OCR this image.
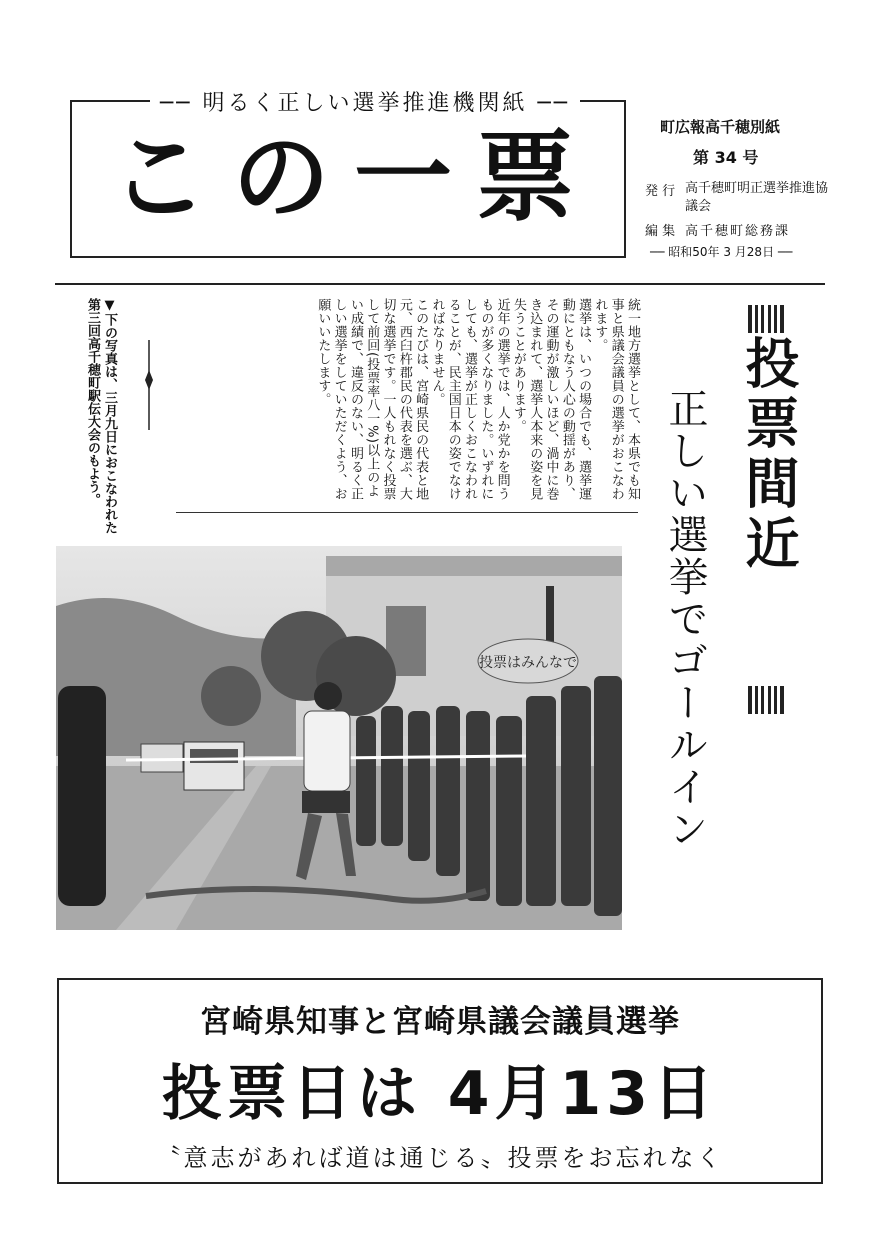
── 明るく正しい選挙推進機関紙 ──
この一票	町広報高千穂別紙
第 34 号
発 行 高千穂町明正選挙推進協議会
編 集 高千穂町総務課
── 昭和50年 3 月28日 ──

統一地方選挙として、本県でも知事と県議会議員の選挙がおこなわれます。

選挙は、いつの場合でも、選挙運動にともなう人心の動揺があり、その運動が激しいほど、渦中に巻き込まれて、選挙人本来の姿を見失うことがあります。

近年の選挙では、人か党かを問うものが多くなりました。いずれにしても、選挙が正しくおこなわれることが、民主国日本の姿でなければなりません。

このたびは、宮崎県民の代表と地元、西臼杵郡民の代表を選ぶ、大切な選挙です。一人もれなく投票して前回(投票率八一%)以上のよい成績で、違反のない、明るく正しい選挙をしていただくよう、お願いいたします。

▼下の写真は、三月九日におこなわれた第三回高千穂町駅伝大会のもよう。	投票間近
正しい選挙でゴールイン
投票はみんなで
宮崎県知事と宮崎県議会議員選挙
投票日は 4月13日
〝意志があれば道は通じる〟投票をお忘れなく
